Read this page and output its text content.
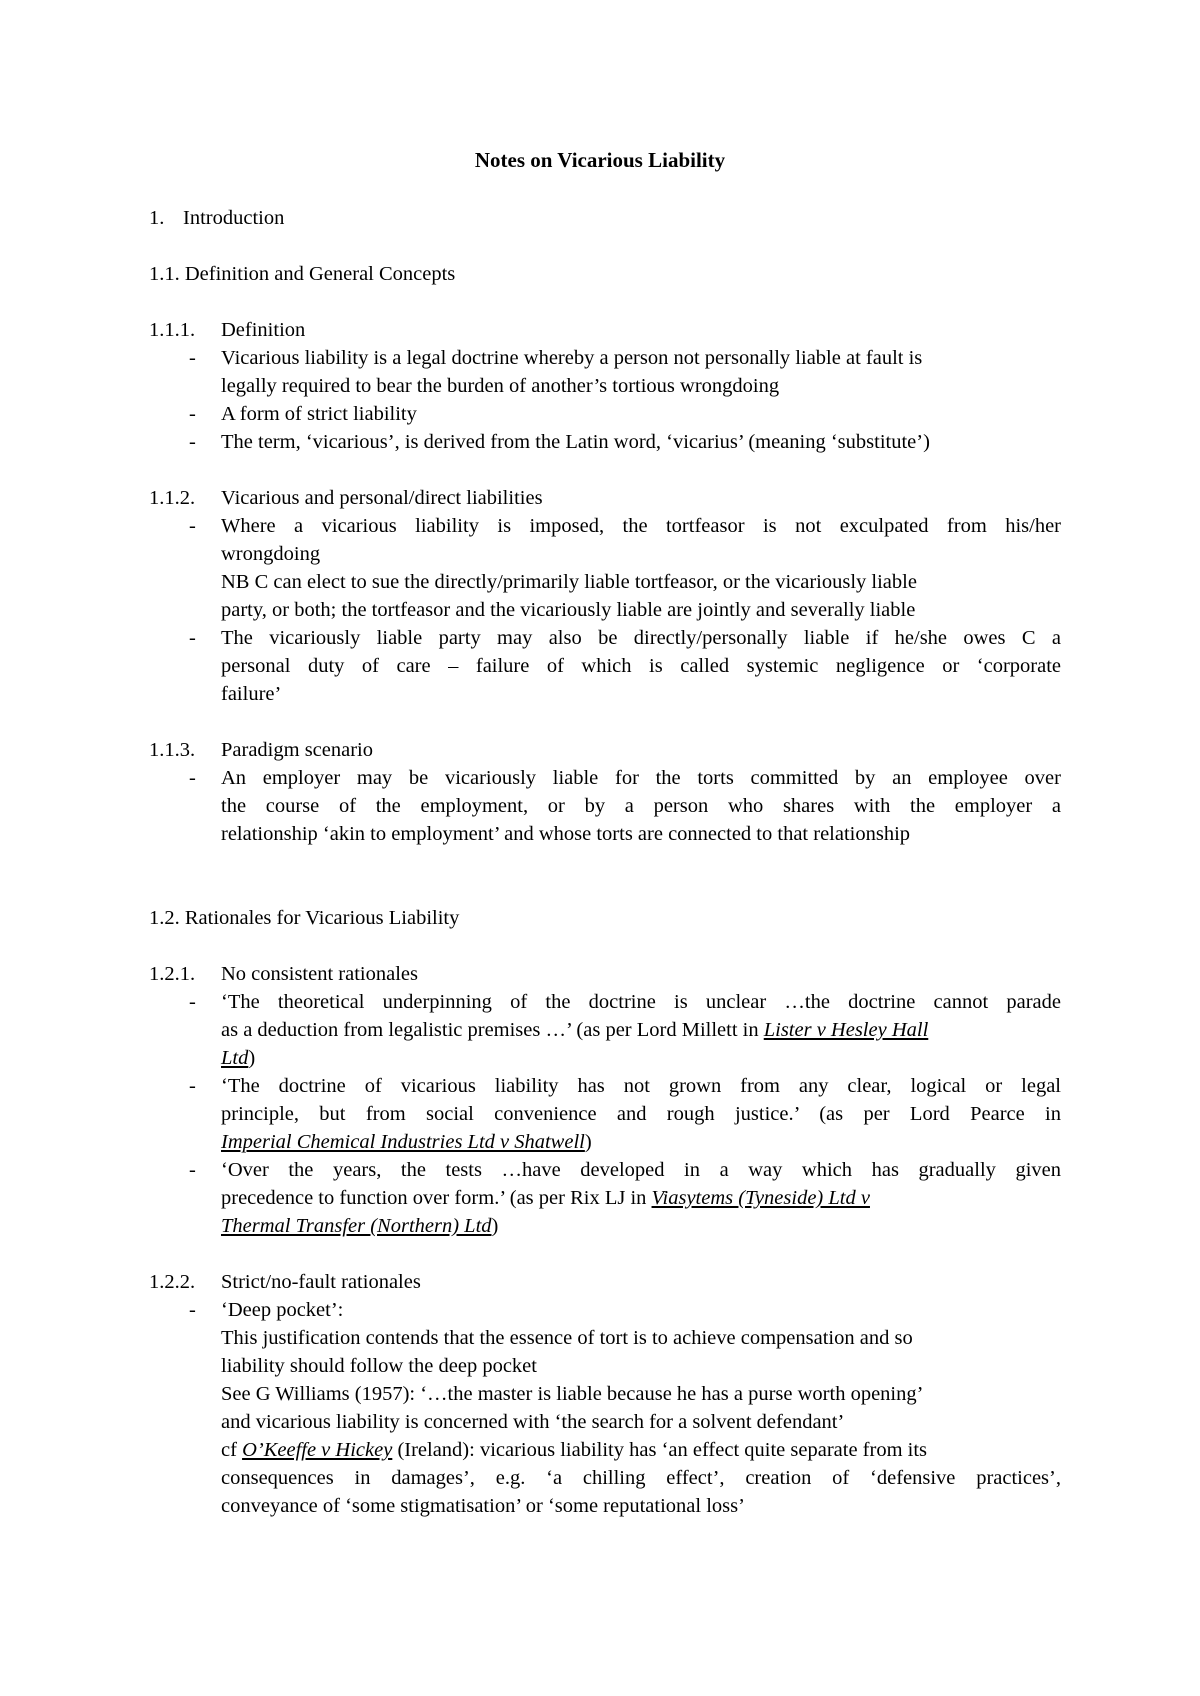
Notes on Vicarious Liability
1. Introduction
1.1. Definition and General Concepts
1.1.1. Definition
- Vicarious liability is a legal doctrine whereby a person not personally liable at fault is
legally required to bear the burden of another’s tortious wrongdoing
- A form of strict liability
- The term, ‘vicarious’, is derived from the Latin word, ‘vicarius’ (meaning ‘substitute’)
1.1.2. Vicarious and personal/direct liabilities
- Where a vicarious liability is imposed, the tortfeasor is not exculpated from his/her
wrongdoing
NB C can elect to sue the directly/primarily liable tortfeasor, or the vicariously liable
party, or both; the tortfeasor and the vicariously liable are jointly and severally liable
- The vicariously liable party may also be directly/personally liable if he/she owes C a
personal duty of care – failure of which is called systemic negligence or ‘corporate
failure’
1.1.3. Paradigm scenario
- An employer may be vicariously liable for the torts committed by an employee over
the course of the employment, or by a person who shares with the employer a
relationship ‘akin to employment’ and whose torts are connected to that relationship
1.2. Rationales for Vicarious Liability
1.2.1. No consistent rationales
- ‘The theoretical underpinning of the doctrine is unclear …the doctrine cannot parade
as a deduction from legalistic premises …’ (as per Lord Millett in Lister v Hesley Hall
Ltd)
- ‘The doctrine of vicarious liability has not grown from any clear, logical or legal
principle, but from social convenience and rough justice.’ (as per Lord Pearce in
Imperial Chemical Industries Ltd v Shatwell)
- ‘Over the years, the tests …have developed in a way which has gradually given
precedence to function over form.’ (as per Rix LJ in Viasytems (Tyneside) Ltd v
Thermal Transfer (Northern) Ltd)
1.2.2. Strict/no-fault rationales
- ‘Deep pocket’:
This justification contends that the essence of tort is to achieve compensation and so
liability should follow the deep pocket
See G Williams (1957): ‘…the master is liable because he has a purse worth opening’
and vicarious liability is concerned with ‘the search for a solvent defendant’
cf O’Keeffe v Hickey (Ireland): vicarious liability has ‘an effect quite separate from its
consequences in damages’, e.g. ‘a chilling effect’, creation of ‘defensive practices’,
conveyance of ‘some stigmatisation’ or ‘some reputational loss’
